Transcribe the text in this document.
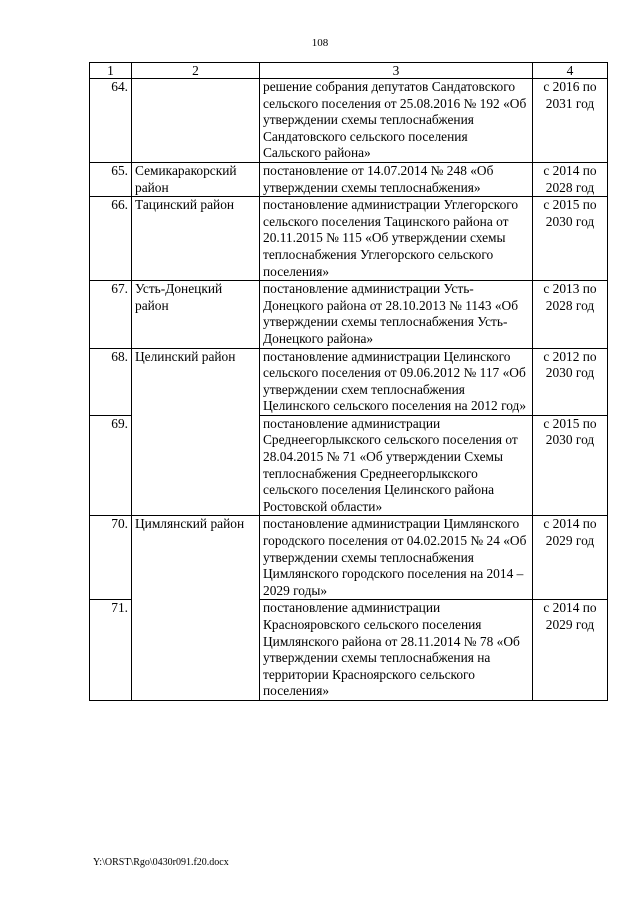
108
1	2	3	4
64.		решение собрания депутатов Сандатовского сельского поселения от 25.08.2016 № 192 «Об утверждении схемы теплоснабжения Сандатовского сельского поселения Сальского района»	с 2016 по 2031 год
65.	Семикаракорский район	постановление от 14.07.2014 № 248 «Об утверждении схемы теплоснабжения»	с 2014 по 2028 год
66.	Тацинский район	постановление администрации Углегорского сельского поселения Тацинского района от 20.11.2015 № 115 «Об утверждении схемы теплоснабжения Углегорского сельского поселения»	с 2015 по 2030 год
67.	Усть-Донецкий район	постановление администрации Усть-Донецкого района от 28.10.2013 № 1143 «Об утверждении схемы теплоснабжения Усть-Донецкого района»	с 2013 по 2028 год
68.	Целинский район	постановление администрации Целинского сельского поселения от 09.06.2012 № 117 «Об утверждении схем теплоснабжения Целинского сельского поселения на 2012 год»	с 2012 по 2030 год
69.		постановление администрации Среднеегорлыкского сельского поселения от 28.04.2015 № 71 «Об утверждении Схемы теплоснабжения Среднеегорлыкского сельского поселения Целинского района Ростовской области»	с 2015 по 2030 год
70.	Цимлянский район	постановление администрации Цимлянского городского поселения от 04.02.2015 № 24 «Об утверждении схемы теплоснабжения Цимлянского городского поселения на 2014 – 2029 годы»	с 2014 по 2029 год
71.		постановление администрации Краснояровского сельского поселения Цимлянского района от 28.11.2014 № 78 «Об утверждении схемы теплоснабжения на территории Красноярского сельского поселения»	с 2014 по 2029 год
Y:\ORST\Rgo\0430r091.f20.docx
